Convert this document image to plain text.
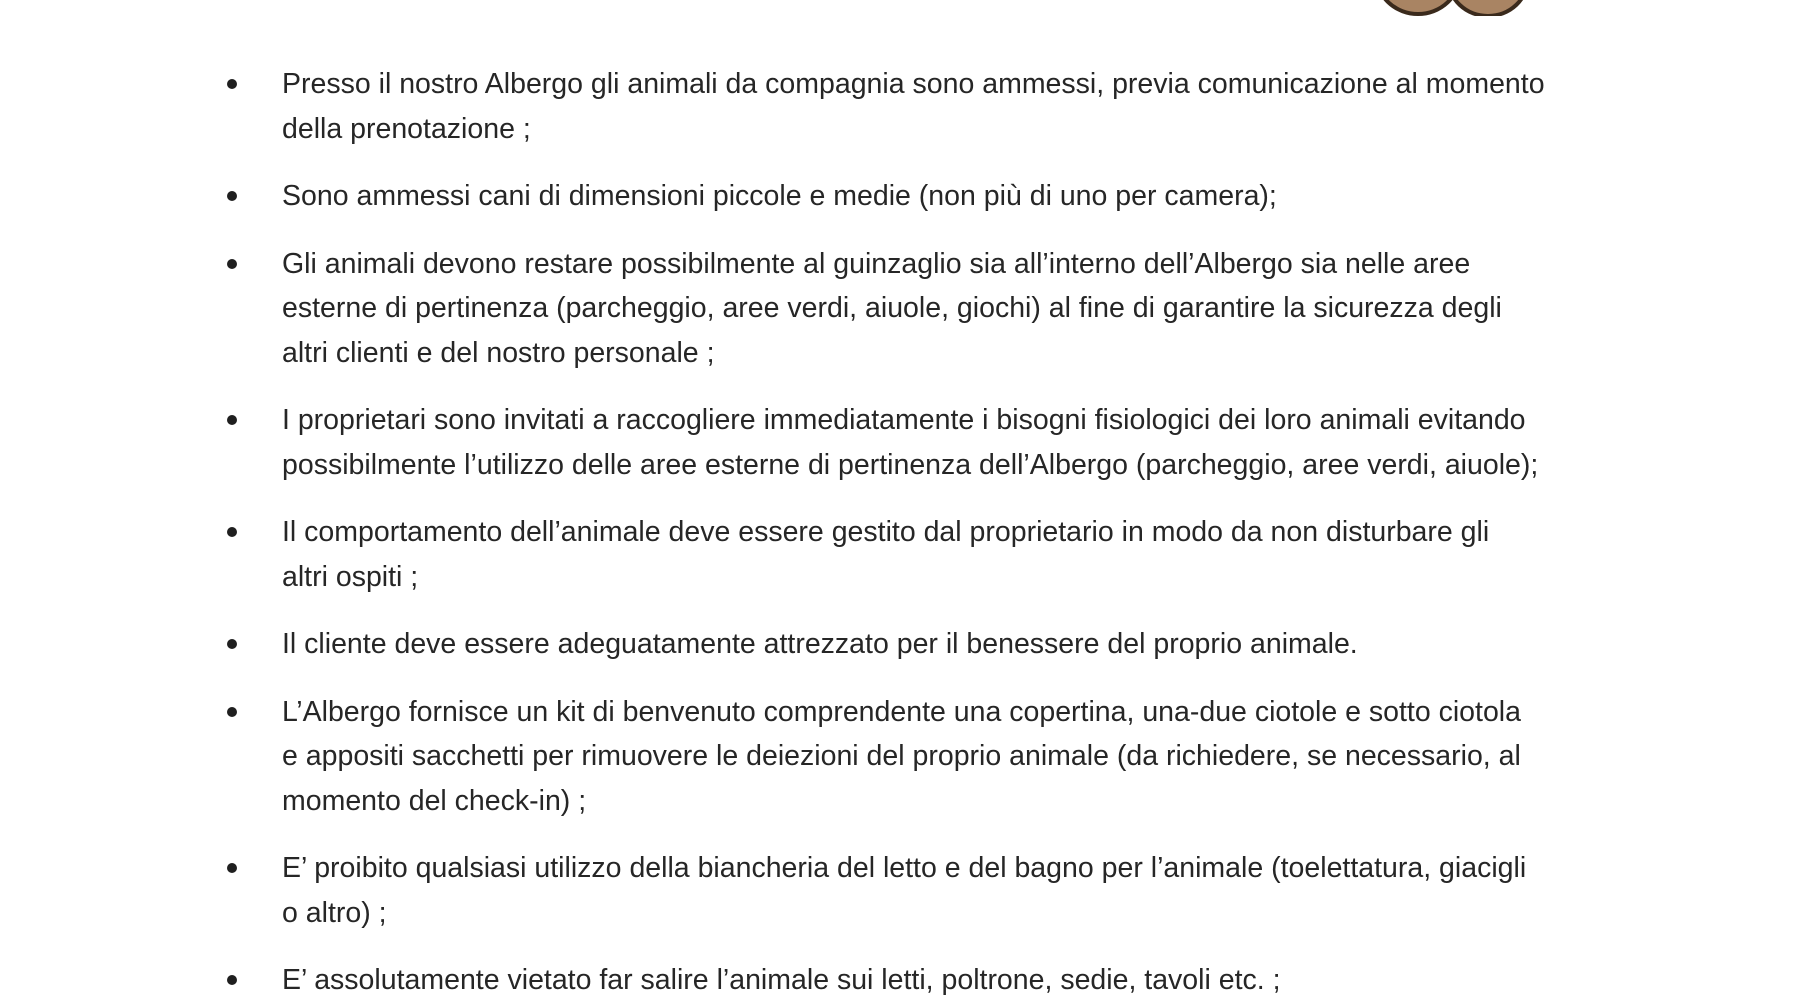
Presso il nostro Albergo gli animali da compagnia sono ammessi, previa comunicazione al momento
della prenotazione ;
Sono ammessi cani di dimensioni piccole e medie (non più di uno per camera);
Gli animali devono restare possibilmente al guinzaglio sia all’interno dell’Albergo sia nelle aree
esterne di pertinenza (parcheggio, aree verdi, aiuole, giochi) al fine di garantire la sicurezza degli
altri clienti e del nostro personale ;
I proprietari sono invitati a raccogliere immediatamente i bisogni fisiologici dei loro animali evitando
possibilmente l’utilizzo delle aree esterne di pertinenza dell’Albergo (parcheggio, aree verdi, aiuole);
Il comportamento dell’animale deve essere gestito dal proprietario in modo da non disturbare gli
altri ospiti ;
Il cliente deve essere adeguatamente attrezzato per il benessere del proprio animale.
L’Albergo fornisce un kit di benvenuto comprendente una copertina, una-due ciotole e sotto ciotola
e appositi sacchetti per rimuovere le deiezioni del proprio animale (da richiedere, se necessario, al
momento del check-in) ;
E’ proibito qualsiasi utilizzo della biancheria del letto e del bagno per l’animale (toelettatura, giacigli
o altro) ;
E’ assolutamente vietato far salire l’animale sui letti, poltrone, sedie, tavoli etc. ;
